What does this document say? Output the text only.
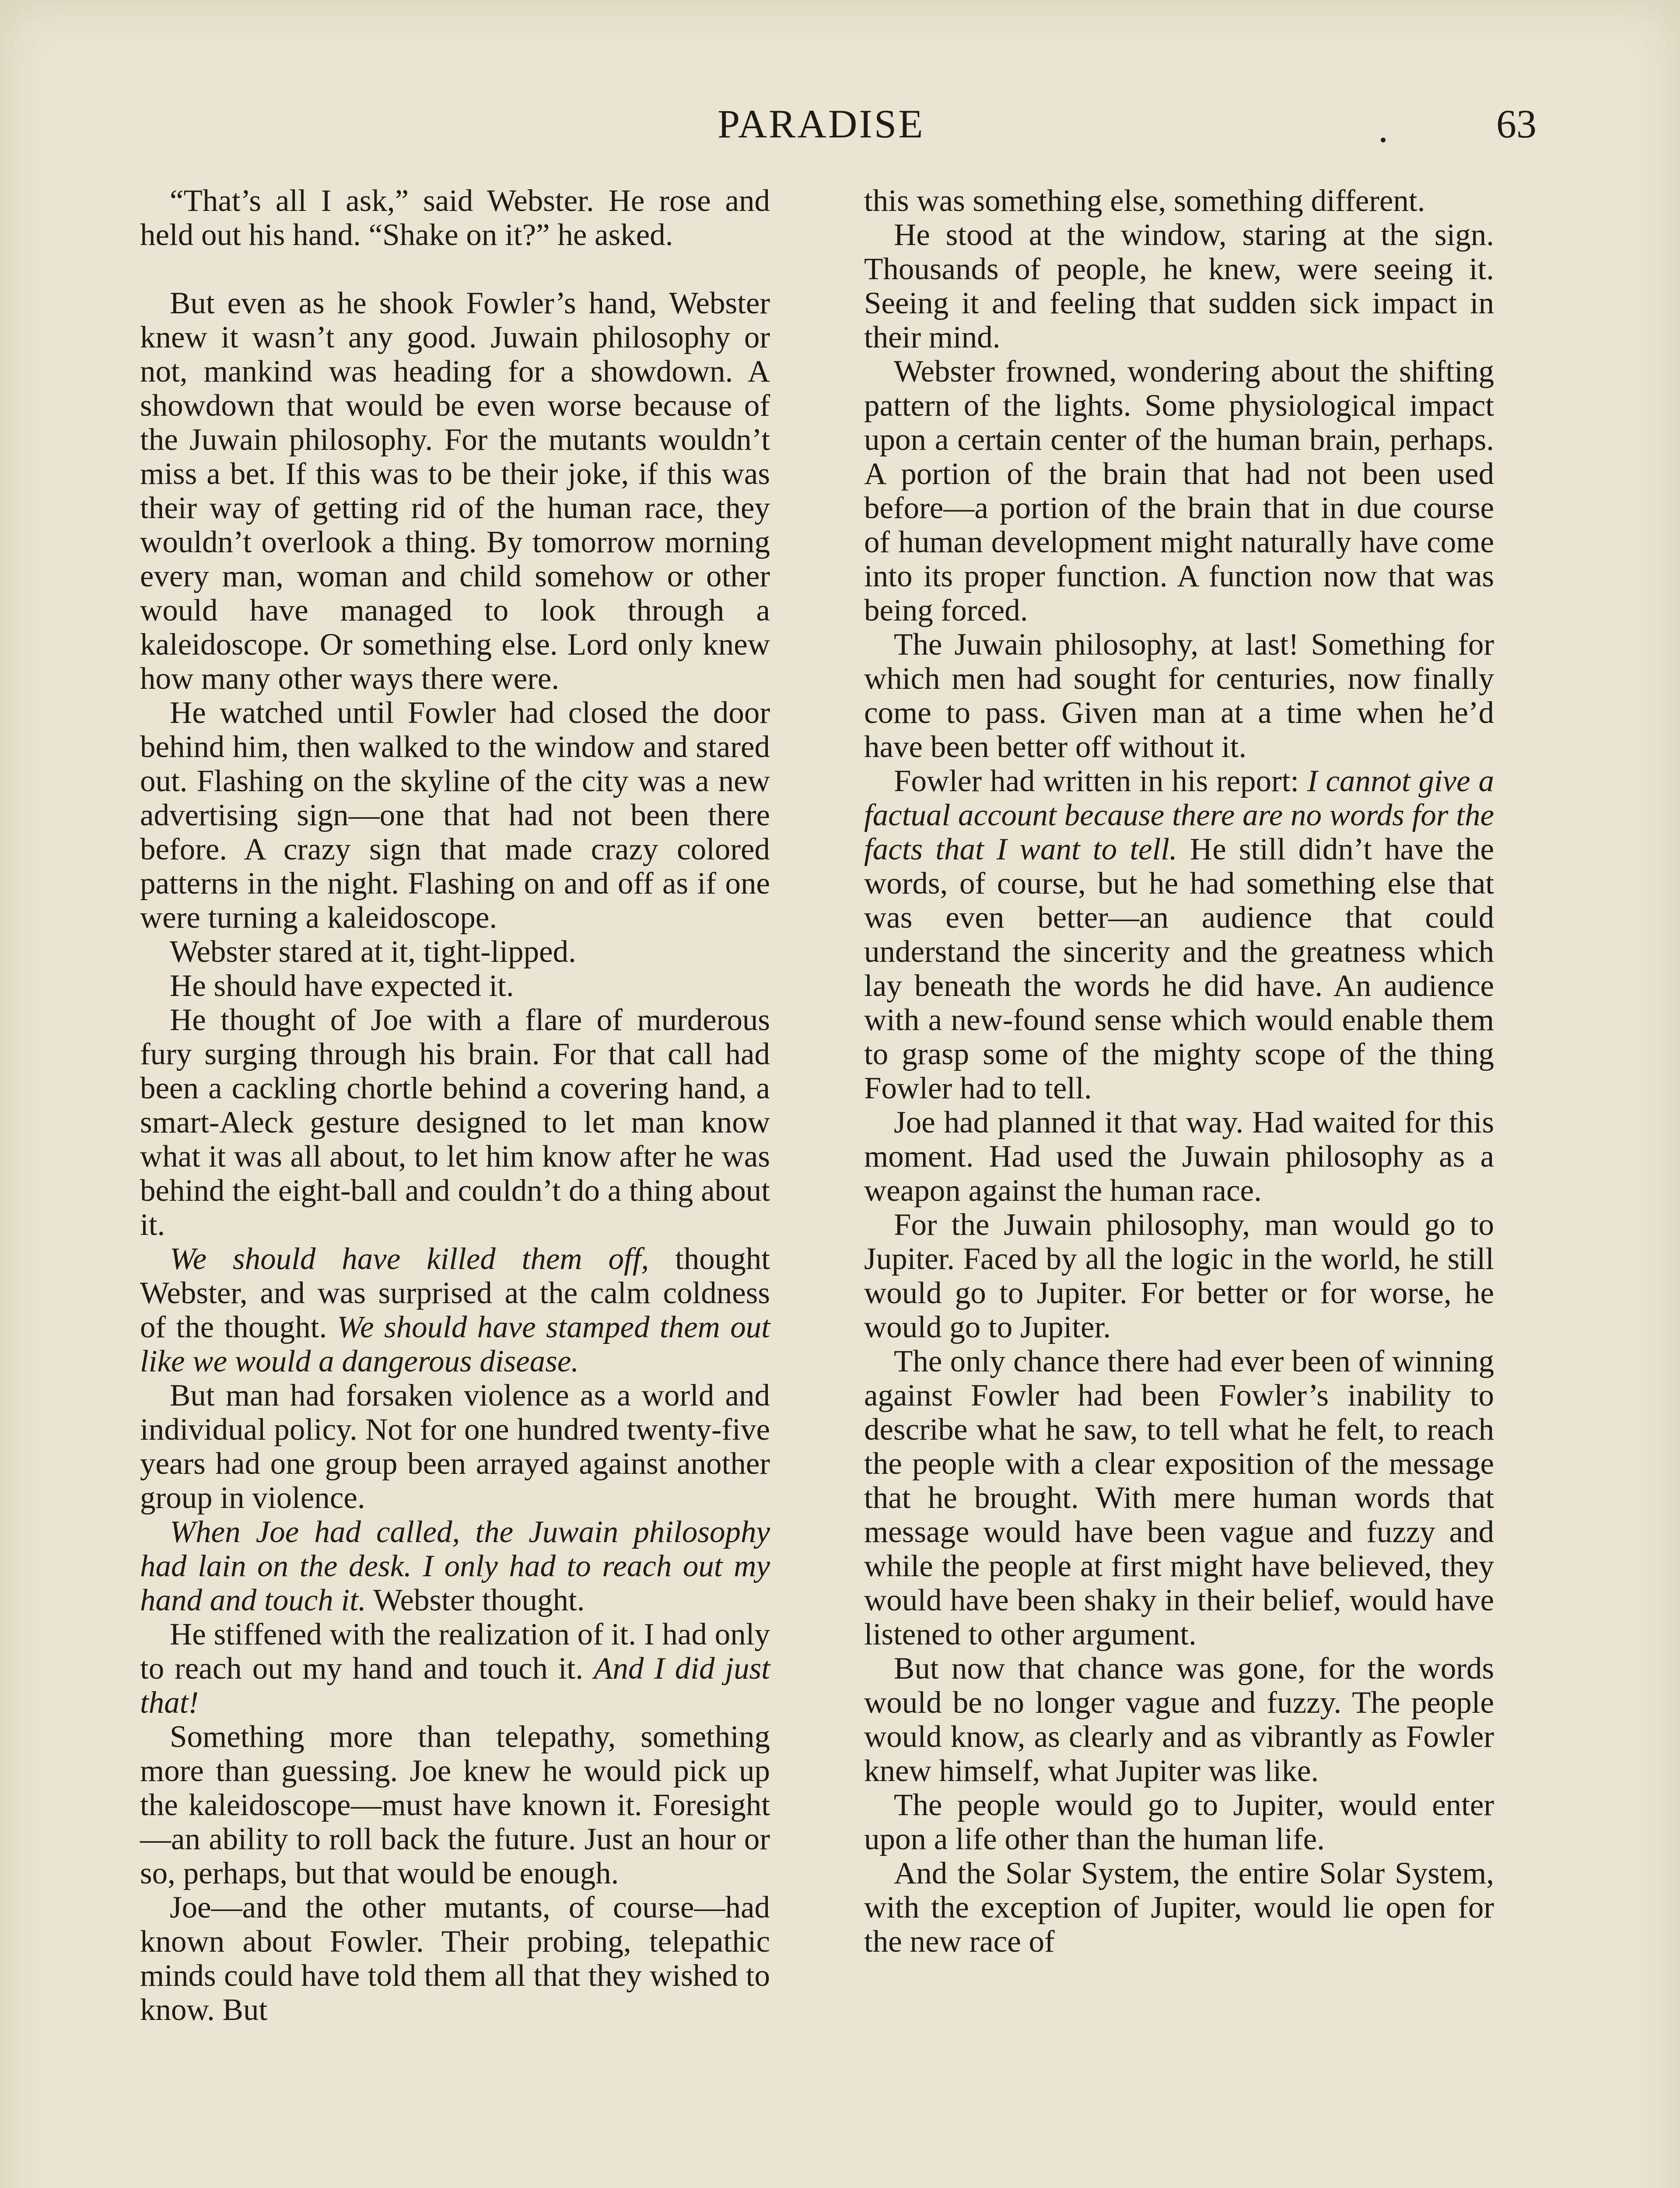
PARADISE	.	63

“That’s all I ask,” said Webster. He rose and held out his hand. “Shake on it?” he asked.

But even as he shook Fowler’s hand, Webster knew it wasn’t any good. Juwain philosophy or not, mankind was heading for a showdown. A showdown that would be even worse because of the Juwain philosophy. For the mutants wouldn’t miss a bet. If this was to be their joke, if this was their way of getting rid of the human race, they wouldn’t overlook a thing. By tomorrow morning every man, woman and child somehow or other would have managed to look through a kaleidoscope. Or something else. Lord only knew how many other ways there were.

He watched until Fowler had closed the door behind him, then walked to the window and stared out. Flashing on the skyline of the city was a new advertising sign—one that had not been there before. A crazy sign that made crazy colored patterns in the night. Flashing on and off as if one were turning a kaleidoscope.

Webster stared at it, tight-lipped.

He should have expected it.

He thought of Joe with a flare of murderous fury surging through his brain. For that call had been a cackling chortle behind a covering hand, a smart-Aleck gesture designed to let man know what it was all about, to let him know after he was behind the eight-ball and couldn’t do a thing about it.

We should have killed them off, thought Webster, and was surprised at the calm coldness of the thought. We should have stamped them out like we would a dangerous disease.

But man had forsaken violence as a world and individual policy. Not for one hundred twenty-five years had one group been arrayed against another group in violence.

When Joe had called, the Juwain philosophy had lain on the desk. I only had to reach out my hand and touch it. Webster thought.

He stiffened with the realization of it. I had only to reach out my hand and touch it. And I did just that!

Something more than telepathy, something more than guessing. Joe knew he would pick up the kaleidoscope—must have known it. Foresight—an ability to roll back the future. Just an hour or so, perhaps, but that would be enough.

Joe—and the other mutants, of course—had known about Fowler. Their probing, telepathic minds could have told them all that they wished to know. But

this was something else, something different.

He stood at the window, staring at the sign. Thousands of people, he knew, were seeing it. Seeing it and feeling that sudden sick impact in their mind.

Webster frowned, wondering about the shifting pattern of the lights. Some physiological impact upon a certain center of the human brain, perhaps. A portion of the brain that had not been used before—a portion of the brain that in due course of human development might naturally have come into its proper function. A function now that was being forced.

The Juwain philosophy, at last! Something for which men had sought for centuries, now finally come to pass. Given man at a time when he’d have been better off without it.

Fowler had written in his report: I cannot give a factual account because there are no words for the facts that I want to tell. He still didn’t have the words, of course, but he had something else that was even better—an audience that could understand the sincerity and the greatness which lay beneath the words he did have. An audience with a new-found sense which would enable them to grasp some of the mighty scope of the thing Fowler had to tell.

Joe had planned it that way. Had waited for this moment. Had used the Juwain philosophy as a weapon against the human race.

For the Juwain philosophy, man would go to Jupiter. Faced by all the logic in the world, he still would go to Jupiter. For better or for worse, he would go to Jupiter.

The only chance there had ever been of winning against Fowler had been Fowler’s inability to describe what he saw, to tell what he felt, to reach the people with a clear exposition of the message that he brought. With mere human words that message would have been vague and fuzzy and while the people at first might have believed, they would have been shaky in their belief, would have listened to other argument.

But now that chance was gone, for the words would be no longer vague and fuzzy. The people would know, as clearly and as vibrantly as Fowler knew himself, what Jupiter was like.

The people would go to Jupiter, would enter upon a life other than the human life.

And the Solar System, the entire Solar System, with the exception of Jupiter, would lie open for the new race of
